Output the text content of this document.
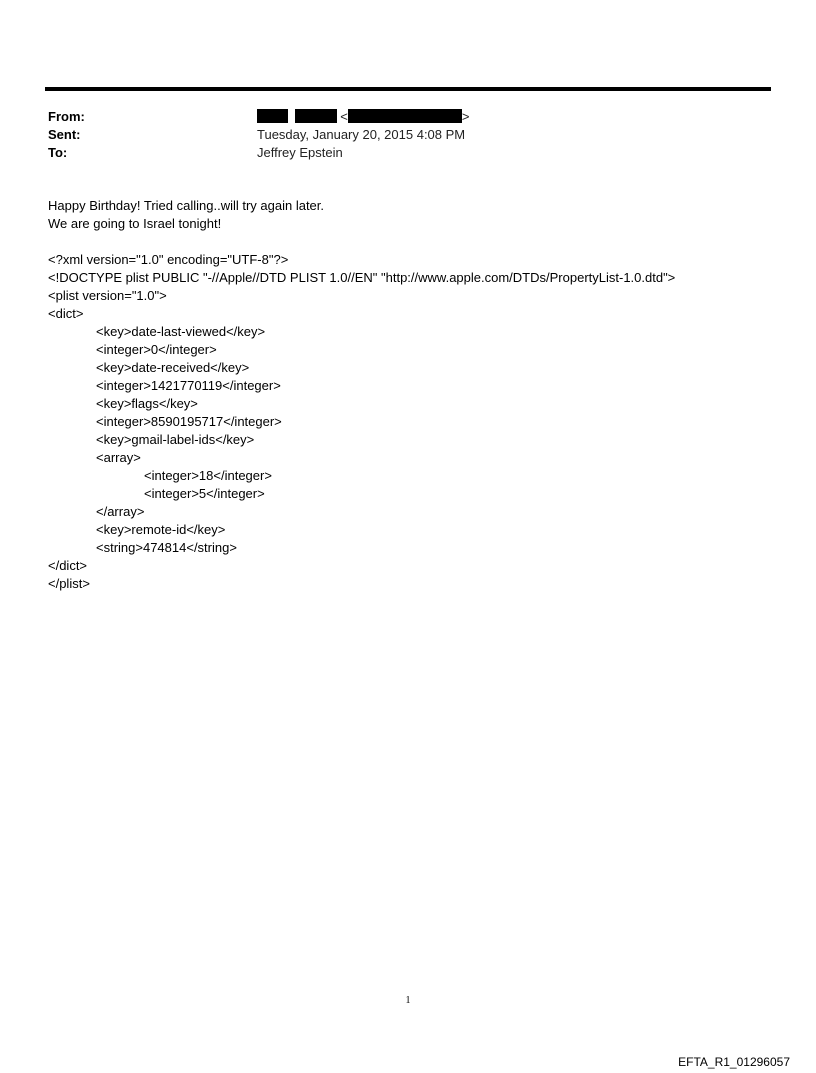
From:	<	>
Sent:	Tuesday, January 20, 2015 4:08 PM
To:	Jeffrey Epstein
Happy Birthday! Tried calling..will try again later.
We are going to Israel tonight!
<?xml version="1.0" encoding="UTF-8"?>
<!DOCTYPE plist PUBLIC "-//Apple//DTD PLIST 1.0//EN" "http://www.apple.com/DTDs/PropertyList-1.0.dtd">
<plist version="1.0">
<dict>
<key>date-last-viewed</key>
<integer>0</integer>
<key>date-received</key>
<integer>1421770119</integer>
<key>flags</key>
<integer>8590195717</integer>
<key>gmail-label-ids</key>
<array>
<integer>18</integer>
<integer>5</integer>
</array>
<key>remote-id</key>
<string>474814</string>
</dict>
</plist>
1
EFTA_R1_01296057
